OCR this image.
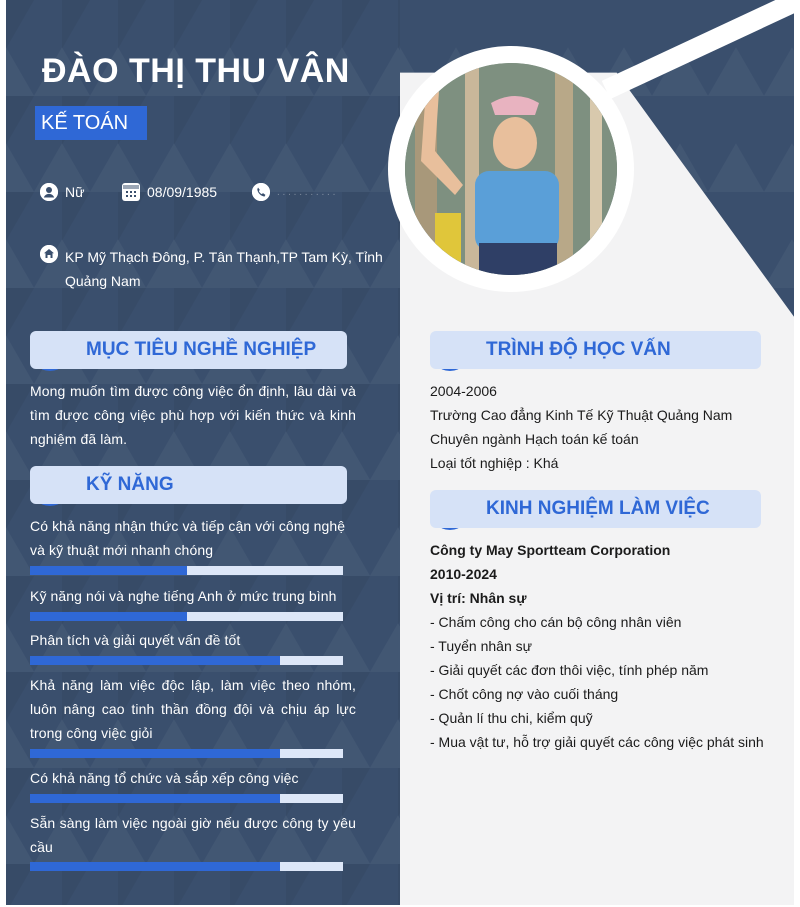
ĐÀO THỊ THU VÂN
KẾ TOÁN
Nữ	08/09/1985	. . . . . . . . . . .
KP Mỹ Thạch Đông, P. Tân Thạnh,TP Tam Kỳ, Tỉnh Quảng Nam
MỤC TIÊU NGHỀ NGHIỆP
Mong muốn tìm được công việc ổn định, lâu dài và tìm được công việc phù hợp với kiến thức và kinh nghiệm đã làm.
KỸ NĂNG
Có khả năng nhận thức và tiếp cận với công nghệ và kỹ thuật mới nhanh chóng
Kỹ năng nói và nghe tiếng Anh ở mức trung bình
Phân tích và giải quyết vấn đề tốt
Khả năng làm việc độc lập, làm việc theo nhóm, luôn nâng cao tinh thần đồng đội và chịu áp lực trong công việc giỏi
Có khả năng tổ chức và sắp xếp công việc
Sẵn sàng làm việc ngoài giờ nếu được công ty yêu cầu
TRÌNH ĐỘ HỌC VẤN
2004-2006
Trường Cao đẳng Kinh Tế Kỹ Thuật Quảng Nam
Chuyên ngành Hạch toán kế toán
Loại tốt nghiệp : Khá
KINH NGHIỆM LÀM VIỆC
Công ty May Sportteam Corporation
2010-2024
Vị trí: Nhân sự
- Chấm công cho cán bộ công nhân viên
- Tuyển nhân sự
- Giải quyết các đơn thôi việc, tính phép năm
- Chốt công nợ vào cuối tháng
- Quản lí thu chi, kiểm quỹ
- Mua vật tư, hỗ trợ giải quyết các công việc phát sinh
